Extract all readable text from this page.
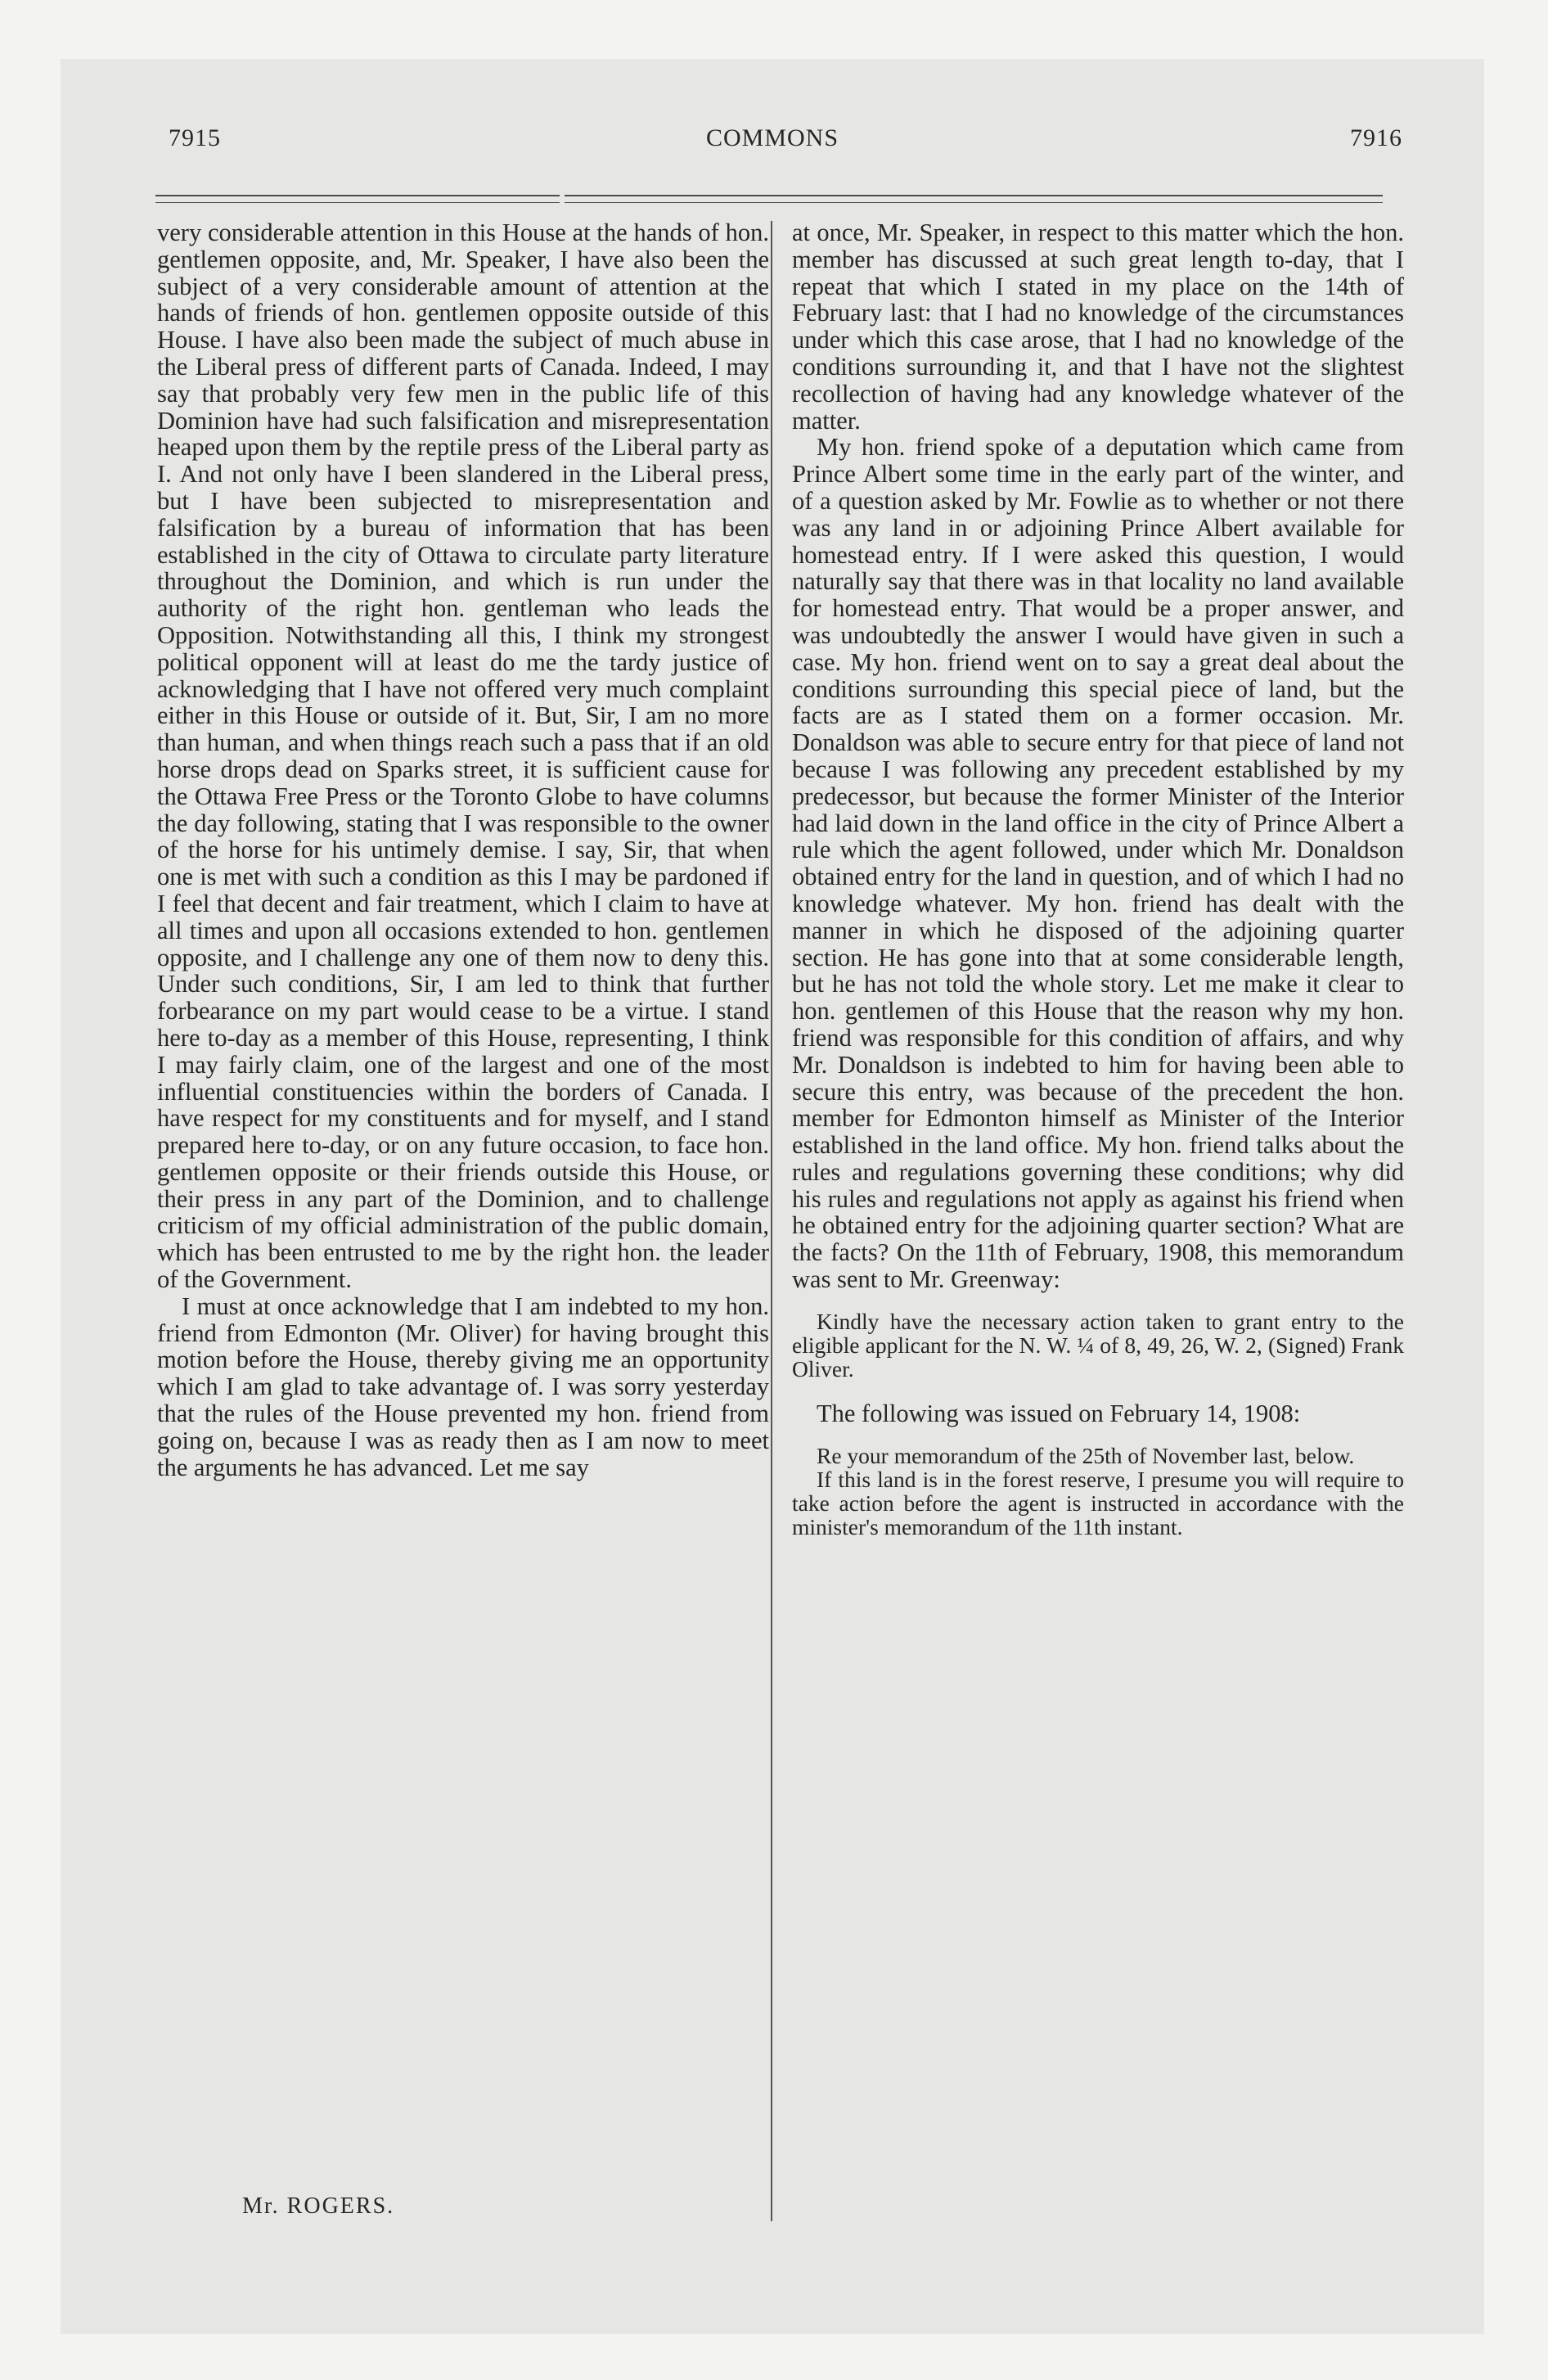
7915	COMMONS	7916

very considerable attention in this House at the hands of hon. gentlemen opposite, and, Mr. Speaker, I have also been the subject of a very considerable amount of attention at the hands of friends of hon. gentlemen opposite outside of this House. I have also been made the subject of much abuse in the Liberal press of different parts of Canada. Indeed, I may say that probably very few men in the public life of this Dominion have had such falsification and misrepresentation heaped upon them by the reptile press of the Liberal party as I. And not only have I been slandered in the Liberal press, but I have been subjected to misrepresentation and falsification by a bureau of information that has been established in the city of Ottawa to circulate party literature throughout the Dominion, and which is run under the authority of the right hon. gentleman who leads the Opposition. Notwithstanding all this, I think my strongest political opponent will at least do me the tardy justice of acknowledging that I have not offered very much complaint either in this House or outside of it. But, Sir, I am no more than human, and when things reach such a pass that if an old horse drops dead on Sparks street, it is sufficient cause for the Ottawa Free Press or the Toronto Globe to have columns the day following, stating that I was responsible to the owner of the horse for his untimely demise. I say, Sir, that when one is met with such a condition as this I may be pardoned if I feel that decent and fair treatment, which I claim to have at all times and upon all occasions extended to hon. gentlemen opposite, and I challenge any one of them now to deny this. Under such conditions, Sir, I am led to think that further forbearance on my part would cease to be a virtue. I stand here to-day as a member of this House, representing, I think I may fairly claim, one of the largest and one of the most influential constituencies within the borders of Canada. I have respect for my constituents and for myself, and I stand prepared here to-day, or on any future occasion, to face hon. gentlemen opposite or their friends outside this House, or their press in any part of the Dominion, and to challenge criticism of my official administration of the public domain, which has been entrusted to me by the right hon. the leader of the Government.

I must at once acknowledge that I am indebted to my hon. friend from Edmonton (Mr. Oliver) for having brought this motion before the House, thereby giving me an opportunity which I am glad to take advantage of. I was sorry yesterday that the rules of the House prevented my hon. friend from going on, because I was as ready then as I am now to meet the arguments he has advanced. Let me say

at once, Mr. Speaker, in respect to this matter which the hon. member has discussed at such great length to-day, that I repeat that which I stated in my place on the 14th of February last: that I had no knowledge of the circumstances under which this case arose, that I had no knowledge of the conditions surrounding it, and that I have not the slightest recollection of having had any knowledge whatever of the matter.

My hon. friend spoke of a deputation which came from Prince Albert some time in the early part of the winter, and of a question asked by Mr. Fowlie as to whether or not there was any land in or adjoining Prince Albert available for homestead entry. If I were asked this question, I would naturally say that there was in that locality no land available for homestead entry. That would be a proper answer, and was undoubtedly the answer I would have given in such a case. My hon. friend went on to say a great deal about the conditions surrounding this special piece of land, but the facts are as I stated them on a former occasion. Mr. Donaldson was able to secure entry for that piece of land not because I was following any precedent established by my predecessor, but because the former Minister of the Interior had laid down in the land office in the city of Prince Albert a rule which the agent followed, under which Mr. Donaldson obtained entry for the land in question, and of which I had no knowledge whatever. My hon. friend has dealt with the manner in which he disposed of the adjoining quarter section. He has gone into that at some considerable length, but he has not told the whole story. Let me make it clear to hon. gentlemen of this House that the reason why my hon. friend was responsible for this condition of affairs, and why Mr. Donaldson is indebted to him for having been able to secure this entry, was because of the precedent the hon. member for Edmonton himself as Minister of the Interior established in the land office. My hon. friend talks about the rules and regulations governing these conditions; why did his rules and regulations not apply as against his friend when he obtained entry for the adjoining quarter section? What are the facts? On the 11th of February, 1908, this memorandum was sent to Mr. Greenway:

Kindly have the necessary action taken to grant entry to the eligible applicant for the N. W. ¼ of 8, 49, 26, W. 2, (Signed) Frank Oliver.

The following was issued on February 14, 1908:

Re your memorandum of the 25th of November last, below.

If this land is in the forest reserve, I presume you will require to take action before the agent is instructed in accordance with the minister's memorandum of the 11th instant.

Mr. ROGERS.
